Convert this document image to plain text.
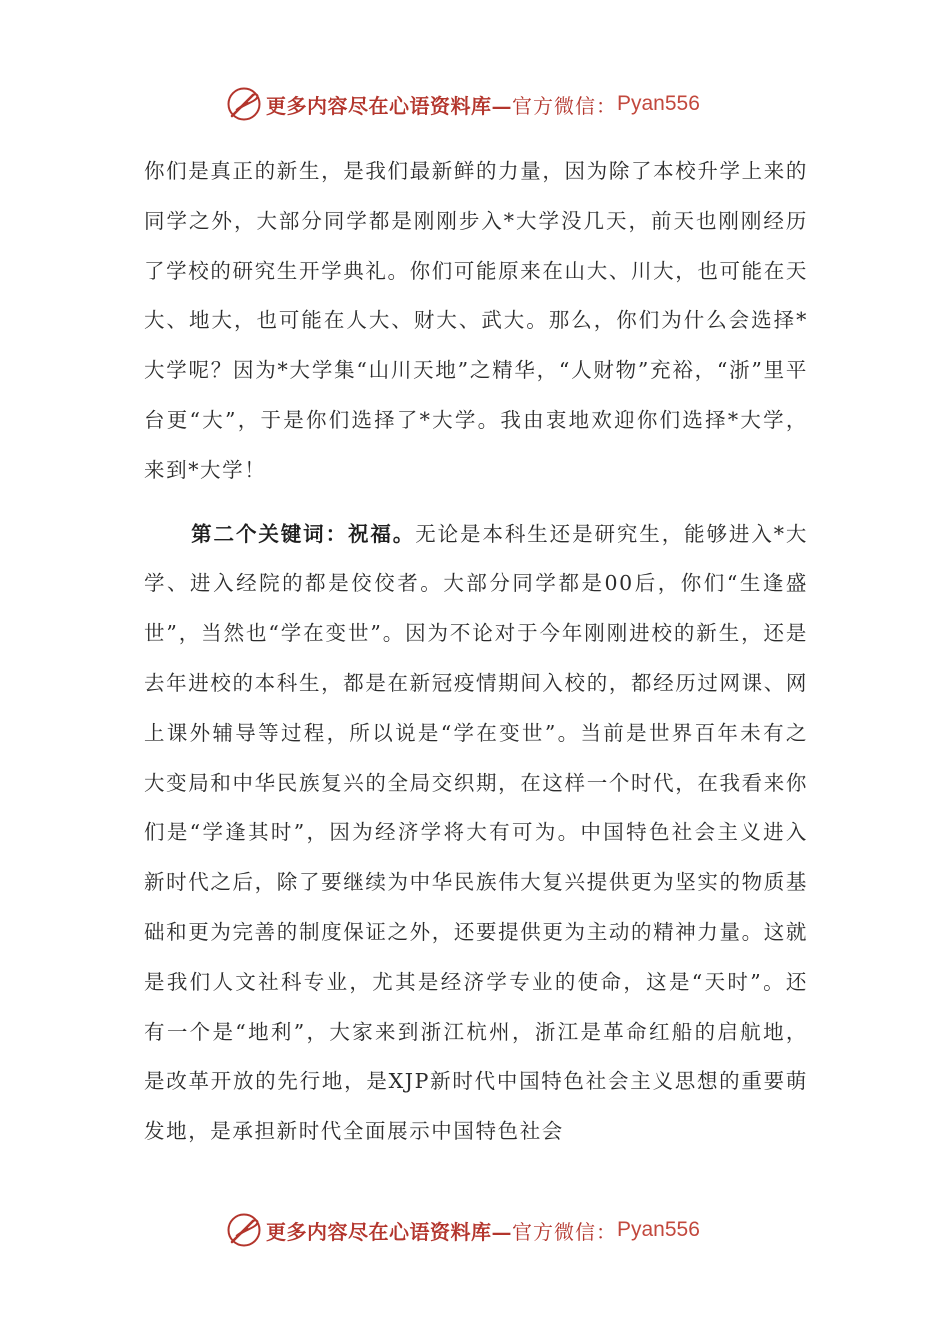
更多内容尽在心语资料库— 官方微信： Pyan556

你们是真正的新生，是我们最新鲜的力量，因为除了本校升学上来的同学之外，大部分同学都是刚刚步入*大学没几天，前天也刚刚经历了学校的研究生开学典礼。你们可能原来在山大、川大，也可能在天大、地大，也可能在人大、财大、武大。那么，你们为什么会选择*大学呢？因为*大学集“山川天地”之精华，“人财物”充裕，“浙”里平台更“大”，于是你们选择了*大学。我由衷地欢迎你们选择*大学，来到*大学！

第二个关键词：祝福。无论是本科生还是研究生，能够进入*大学、进入经院的都是佼佼者。大部分同学都是00后，你们“生逢盛世”，当然也“学在变世”。因为不论对于今年刚刚进校的新生，还是去年进校的本科生，都是在新冠疫情期间入校的，都经历过网课、网上课外辅导等过程，所以说是“学在变世”。当前是世界百年未有之大变局和中华民族复兴的全局交织期，在这样一个时代，在我看来你们是“学逢其时”，因为经济学将大有可为。中国特色社会主义进入新时代之后，除了要继续为中华民族伟大复兴提供更为坚实的物质基础和更为完善的制度保证之外，还要提供更为主动的精神力量。这就是我们人文社科专业，尤其是经济学专业的使命，这是“天时”。还有一个是“地利”，大家来到浙江杭州，浙江是革命红船的启航地，是改革开放的先行地，是XJP新时代中国特色社会主义思想的重要萌发地，是承担新时代全面展示中国特色社会

更多内容尽在心语资料库— 官方微信： Pyan556
